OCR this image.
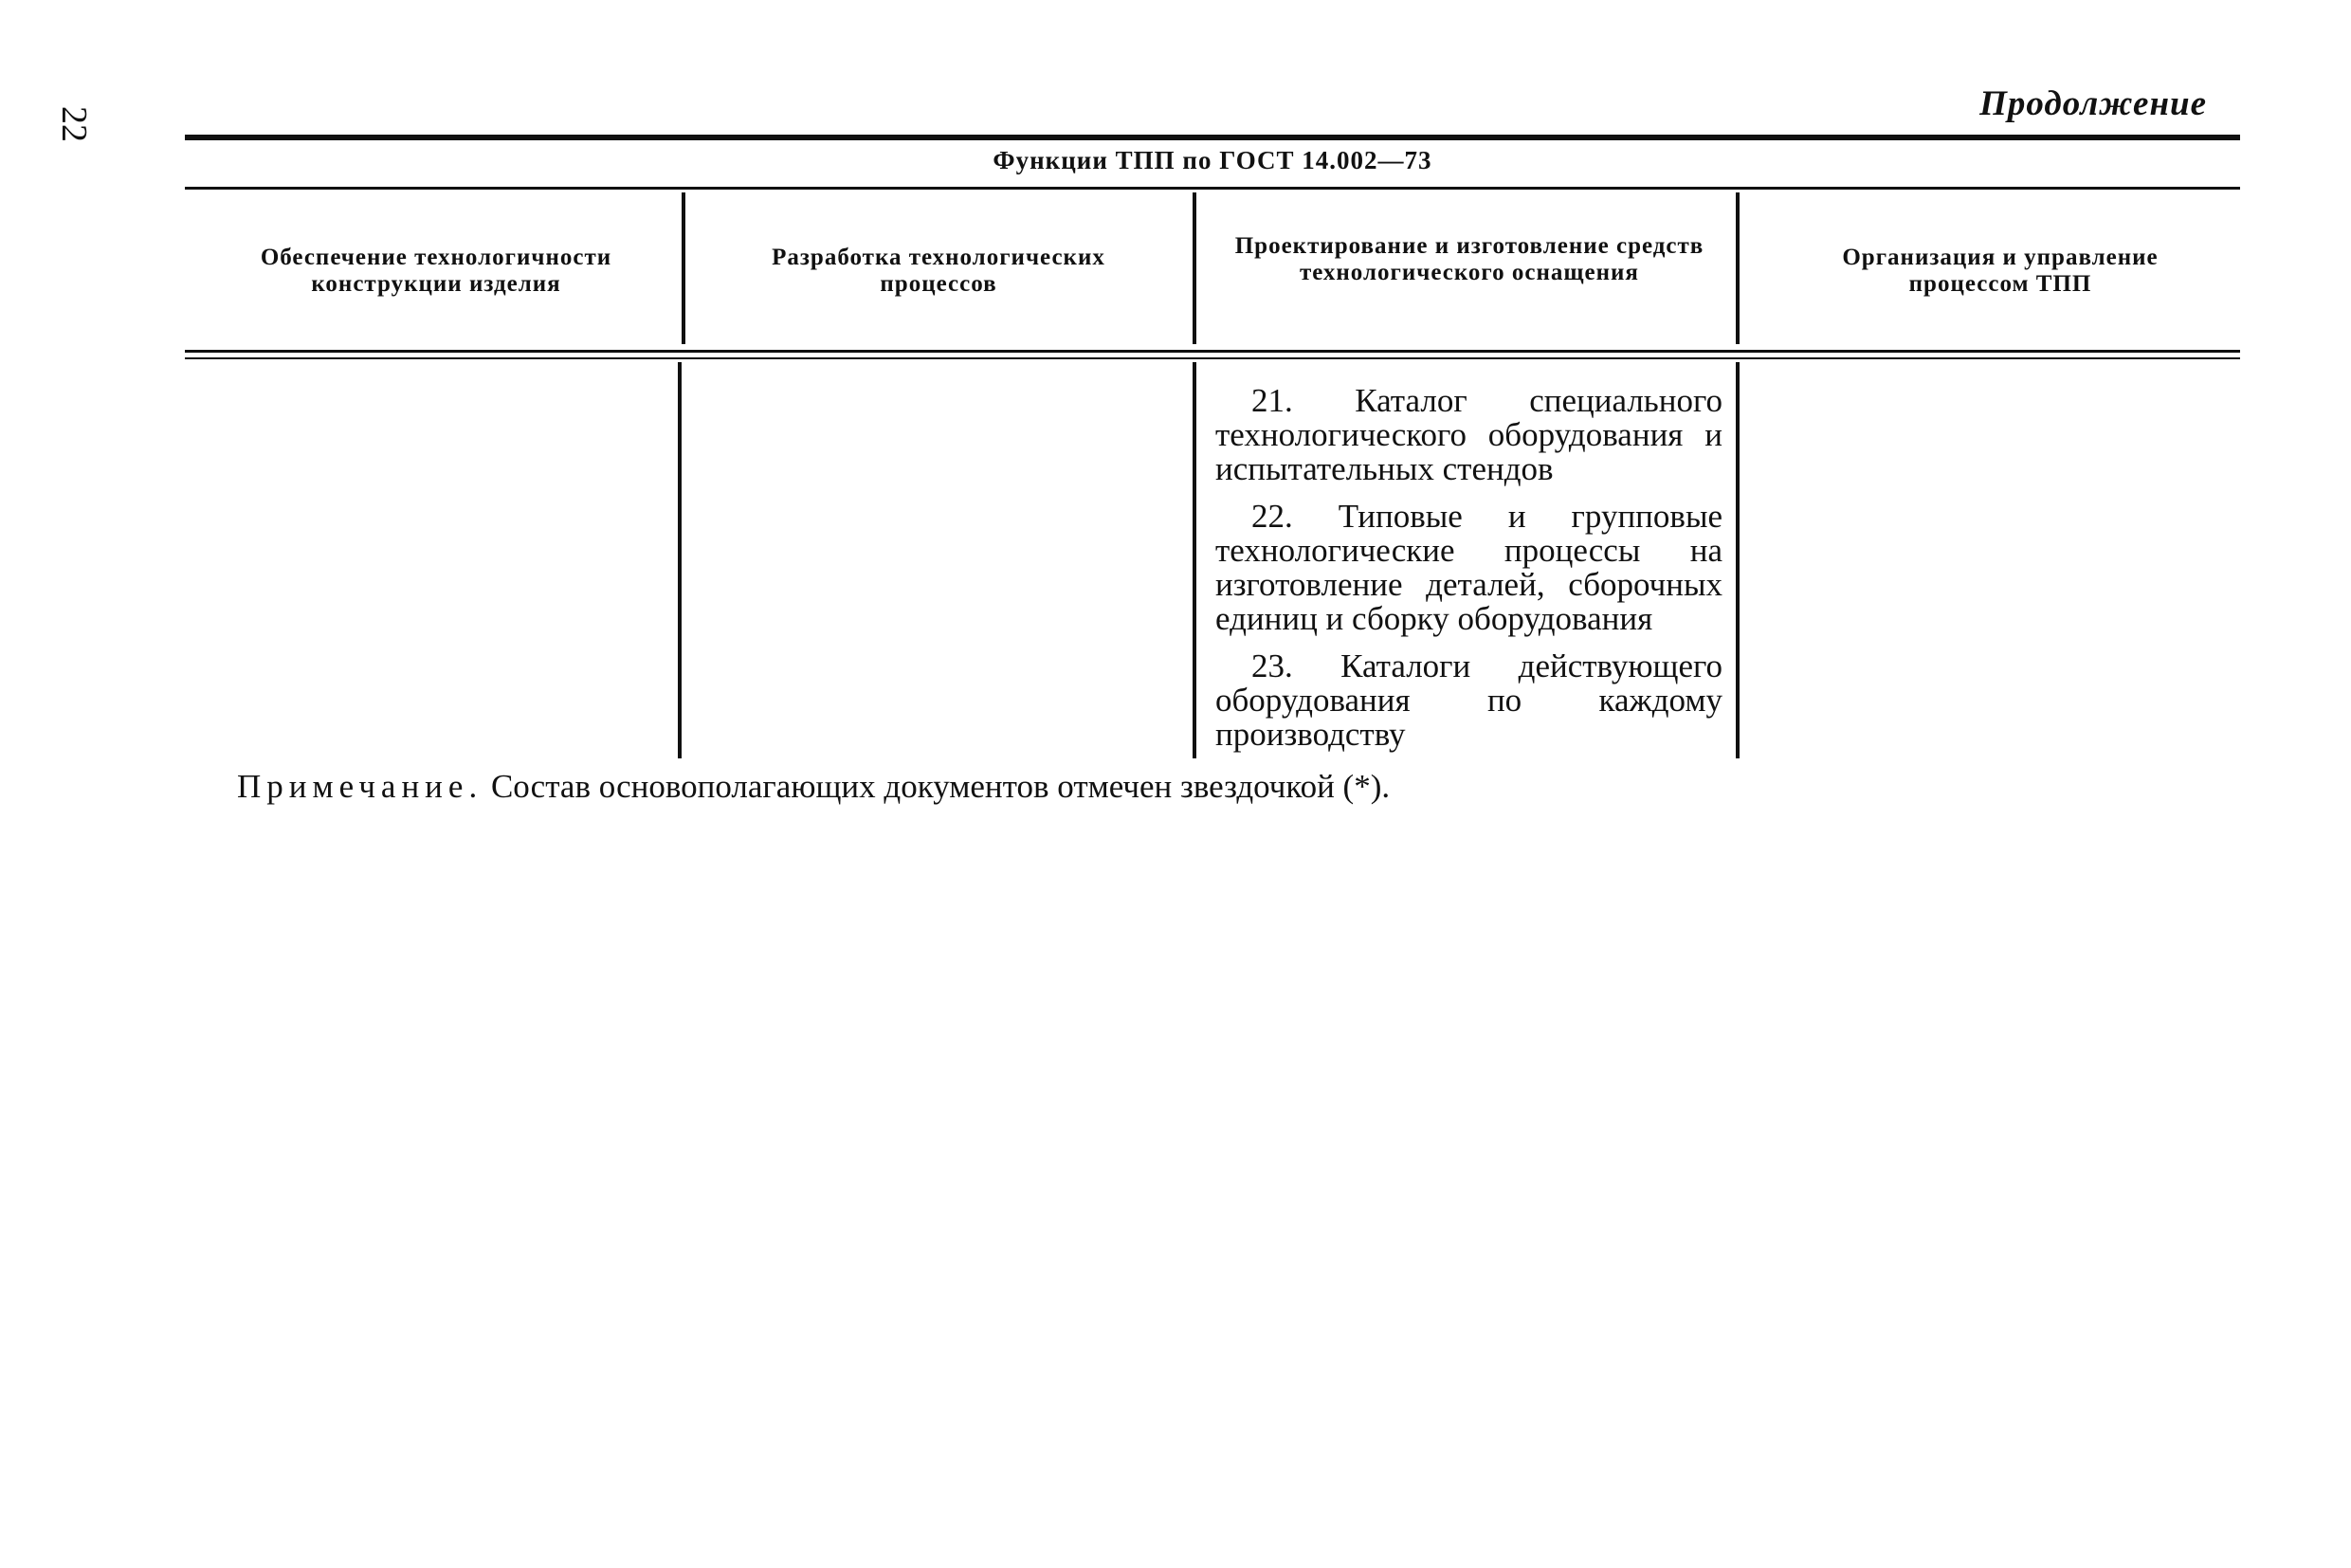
22
Продолжение
Функции ТПП по ГОСТ 14.002—73
Обеспечение технологичности конструкции изделия
Разработка технологических процессов
Проектирование и изготовление средств технологического оснащения
Организация и управление процессом ТПП

21. Каталог специального технологического оборудования и испытательных стендов

22. Типовые и групповые технологические процессы на изготовление деталей, сборочных единиц и сборку оборудования

23. Каталоги действующего оборудования по каждому производству

Примечание. Состав основополагающих документов отмечен звездочкой (*).
